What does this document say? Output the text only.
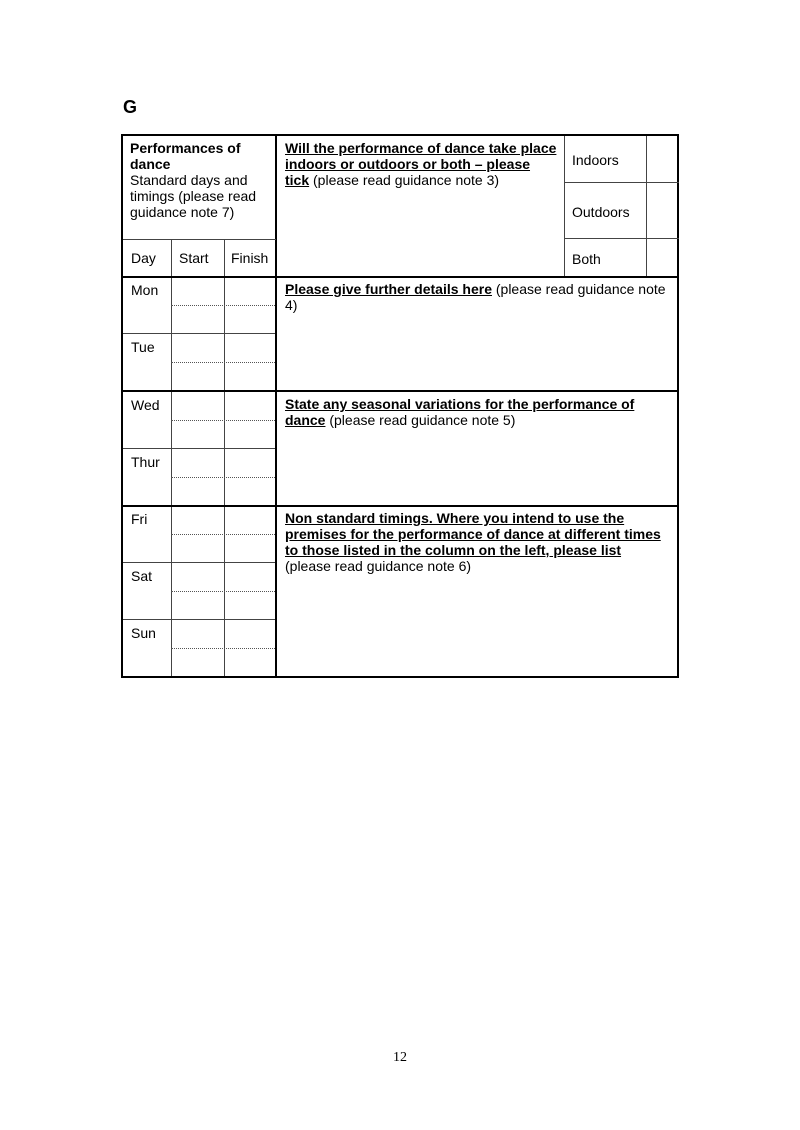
G
Performances of
dance
Standard days and timings (please read guidance note 7)
Day Start Finish
Mon
Tue
Wed
Thur
Fri
Sat
Sun
Will the performance of dance take place indoors or outdoors or both – please tick (please read guidance note 3)
Indoors
Outdoors
Both
Please give further details here (please read guidance note 4)
State any seasonal variations for the performance of dance (please read guidance note 5)
Non standard timings. Where you intend to use the premises for the performance of dance at different times to those listed in the column on the left, please list
(please read guidance note 6)
12
